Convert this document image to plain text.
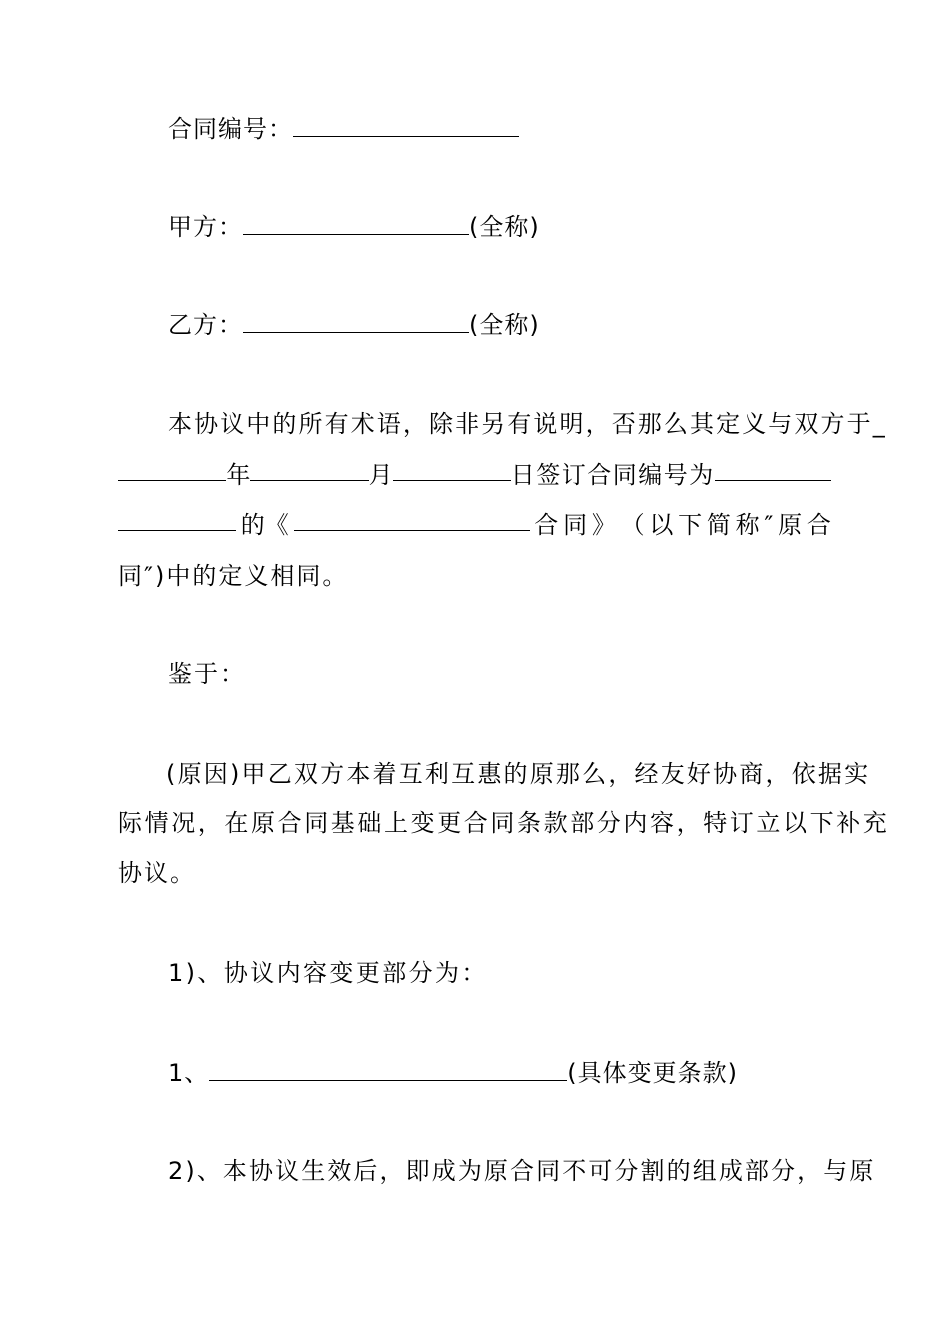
合同编号：
甲方：	(全称)
乙方：	(全称)
本协议中的所有术语，除非另有说明，否那么其定义与双方于_
年	月	日签订合同编号为
的《	合 同 》 （ 以 下 简 称 ″ 原 合
同″)中的定义相同。
鉴于：
(原因)甲乙双方本着互利互惠的原那么，经友好协商，依据实
际情况，在原合同基础上变更合同条款部分内容，特订立以下补充
协议。
1)、协议内容变更部分为：
1、	(具体变更条款)
2)、本协议生效后，即成为原合同不可分割的组成部分，与原
